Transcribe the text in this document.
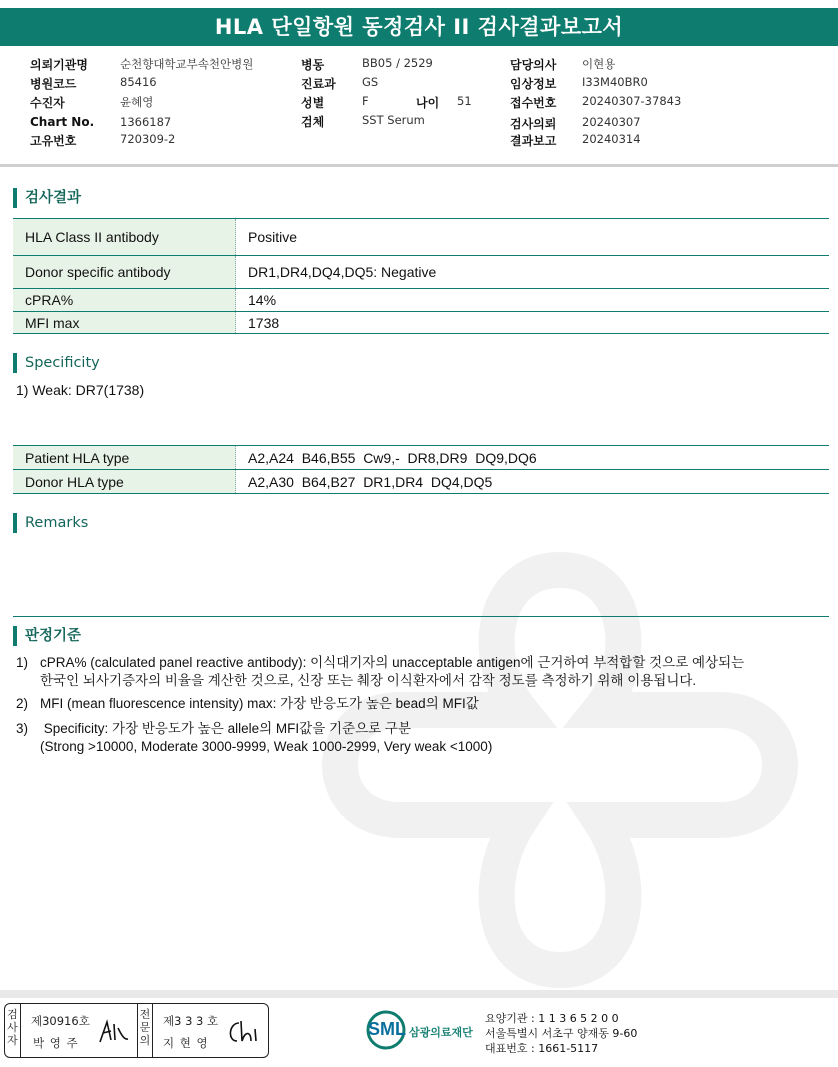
HLA 단일항원 동정검사 II 검사결과보고서
의뢰기관명	순천향대학교부속천안병원
병원코드	85416
수진자	윤혜영
Chart No. 1366187
고유번호	720309-2
병동	BB05 / 2529
진료과 GS
성별	F	나이 51
검체	SST Serum
담당의사 이현용
임상정보 I33M40BR0
접수번호 20240307-37843
검사의뢰 20240307
결과보고 20240314
검사결과
HLA Class II antibody	Positive
Donor specific antibody	DR1,DR4,DQ4,DQ5: Negative
cPRA%	14%
MFI max	1738
Specificity
1) Weak: DR7(1738)
Patient HLA type	A2,A24  B46,B55  Cw9,-  DR8,DR9  DQ9,DQ6
Donor HLA type	A2,A30  B64,B27  DR1,DR4  DQ4,DQ5
Remarks
판정기준
1) cPRA% (calculated panel reactive antibody): 이식대기자의 unacceptable antigen에 근거하여 부적합할 것으로 예상되는
한국인 뇌사기증자의 비율을 계산한 것으로, 신장 또는 췌장 이식환자에서 감작 정도를 측정하기 위해 이용됩니다.
2) MFI (mean fluorescence intensity) max: 가장 반응도가 높은 bead의 MFI값
3) Specificity: 가장 반응도가 높은 allele의 MFI값을 기준으로 구분
(Strong >10000, Moderate 3000-9999, Weak 1000-2999, Very weak <1000)
검사자
제30916호
박 영 주
전문의
제3 3 3 호
지 현 영
SML 삼광의료재단
요양기관 : 1 1 3 6 5 2 0 0
서울특별시 서초구 양재동 9-60
대표번호 : 1661-5117
